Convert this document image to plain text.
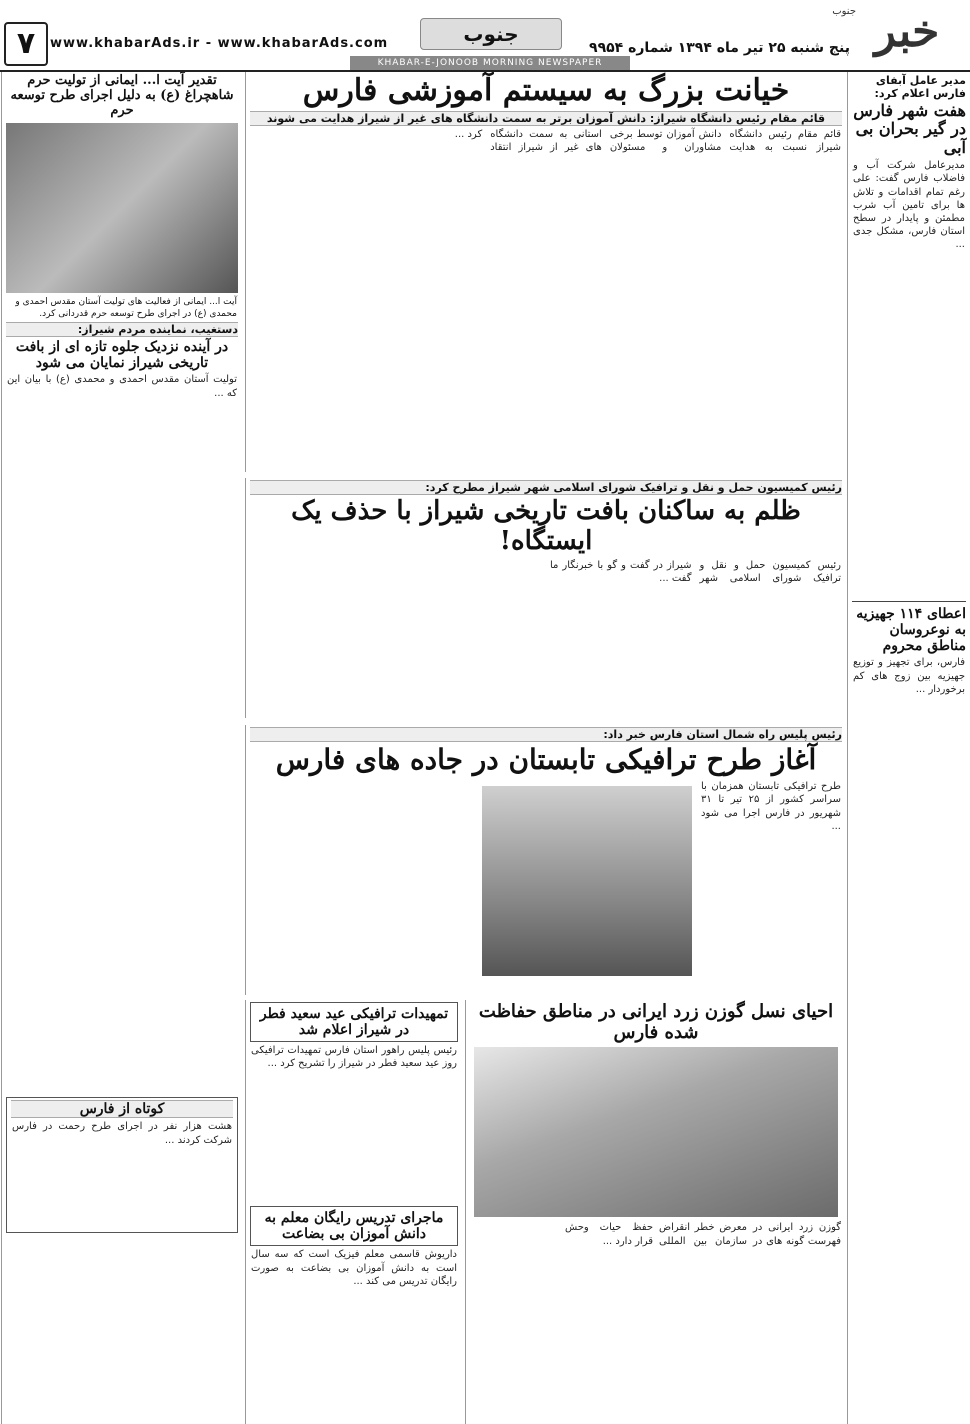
خبر
جنوب
پنج شنبه ۲۵ تیر ماه ۱۳۹۴ شماره ۹۹۵۴
جنوب
www.khabarAds.ir - www.khabarAds.com
۷
KHABAR-E-JONOOB MORNING NEWSPAPER
مدیر عامل آبفای فارس اعلام کرد:
هفت شهر فارس در گیر بحران بی آبی
مدیرعامل شرکت آب و فاضلاب فارس گفت: علی رغم تمام اقدامات و تلاش ها برای تامین آب شرب مطمئن و پایدار در سطح استان فارس، مشکل جدی ...
اعطای ۱۱۴ جهیزیه به نوعروسان مناطق محروم
فارس، برای تجهیز و توزیع جهیزیه بین زوج های کم برخوردار ...
خیانت بزرگ به سیستم آموزشی فارس
قائم مقام رئیس دانشگاه شیراز: دانش آموزان برتر به سمت دانشگاه های غیر از شیراز هدایت می شوند
قائم مقام رئیس دانشگاه شیراز نسبت به هدایت دانش آموزان توسط برخی مشاوران و مسئولان استانی به سمت دانشگاه های غیر از شیراز انتقاد کرد ...
رئیس کمیسیون حمل و نقل و ترافیک شورای اسلامی شهر شیراز مطرح کرد:
ظلم به ساکنان بافت تاریخی شیراز با حذف یک ایستگاه!
رئیس کمیسیون حمل و نقل و ترافیک شورای اسلامی شهر شیراز در گفت و گو با خبرنگار ما گفت ...
رئیس پلیس راه شمال استان فارس خبر داد:
آغاز طرح ترافیکی تابستان در جاده های فارس
طرح ترافیکی تابستان همزمان با سراسر کشور از ۲۵ تیر تا ۳۱ شهریور در فارس اجرا می شود ...
احیای نسل گوزن زرد ایرانی در مناطق حفاظت شده فارس
گوزن زرد ایرانی در فهرست گونه های در معرض خطر انقراض سازمان بین المللی حفظ حیات وحش قرار دارد ...
تمهیدات ترافیکی عید سعید فطر در شیراز اعلام شد
رئیس پلیس راهور استان فارس تمهیدات ترافیکی روز عید سعید فطر در شیراز را تشریح کرد ...
ماجرای تدریس رایگان معلم به دانش آموزان بی بضاعت
داریوش قاسمی معلم فیزیک است که سه سال است به دانش آموزان بی بضاعت به صورت رایگان تدریس می کند ...
تقدیر آیت ا... ایمانی از تولیت حرم شاهچراغ (ع) به دلیل اجرای طرح توسعه حرم
آیت ا... ایمانی از فعالیت های تولیت آستان مقدس احمدی و محمدی (ع) در اجرای طرح توسعه حرم قدردانی کرد.
دستغیب، نماینده مردم شیراز:
در آینده نزدیک جلوه تازه ای از بافت تاریخی شیراز نمایان می شود
تولیت آستان مقدس احمدی و محمدی (ع) با بیان این که ...
کوتاه از فارس
هشت هزار نفر در اجرای طرح رحمت در فارس شرکت کردند ...
